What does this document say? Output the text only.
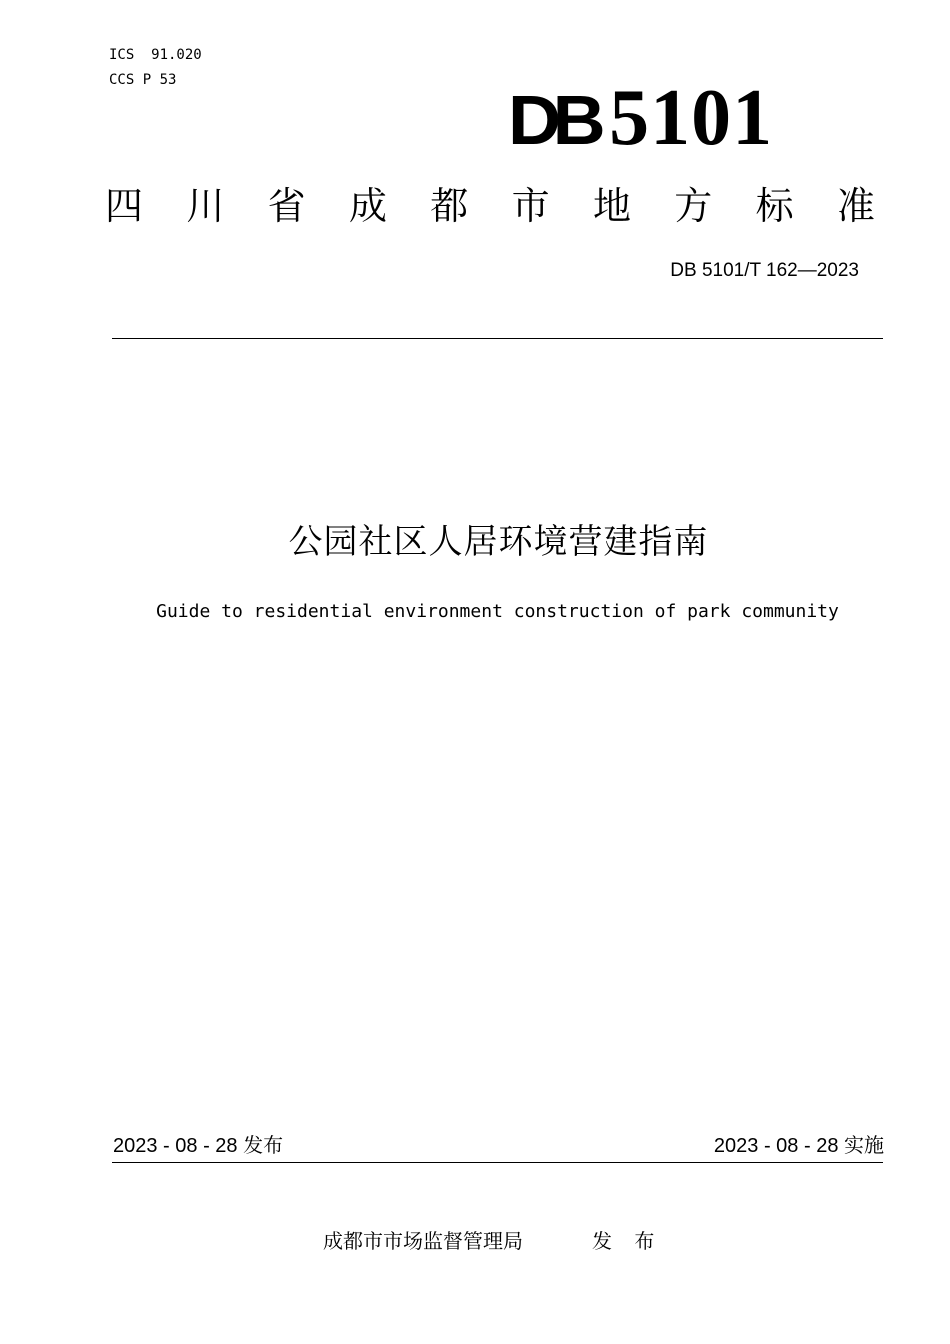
ICS  91.020
CCS P 53
DB 5101
四 川 省 成 都 市 地 方 标 准
DB 5101/T 162—2023
公园社区人居环境营建指南
Guide to residential environment construction of park community
2023 - 08 - 28 发布	2023 - 08 - 28 实施
成都市市场监督管理局	发 布
